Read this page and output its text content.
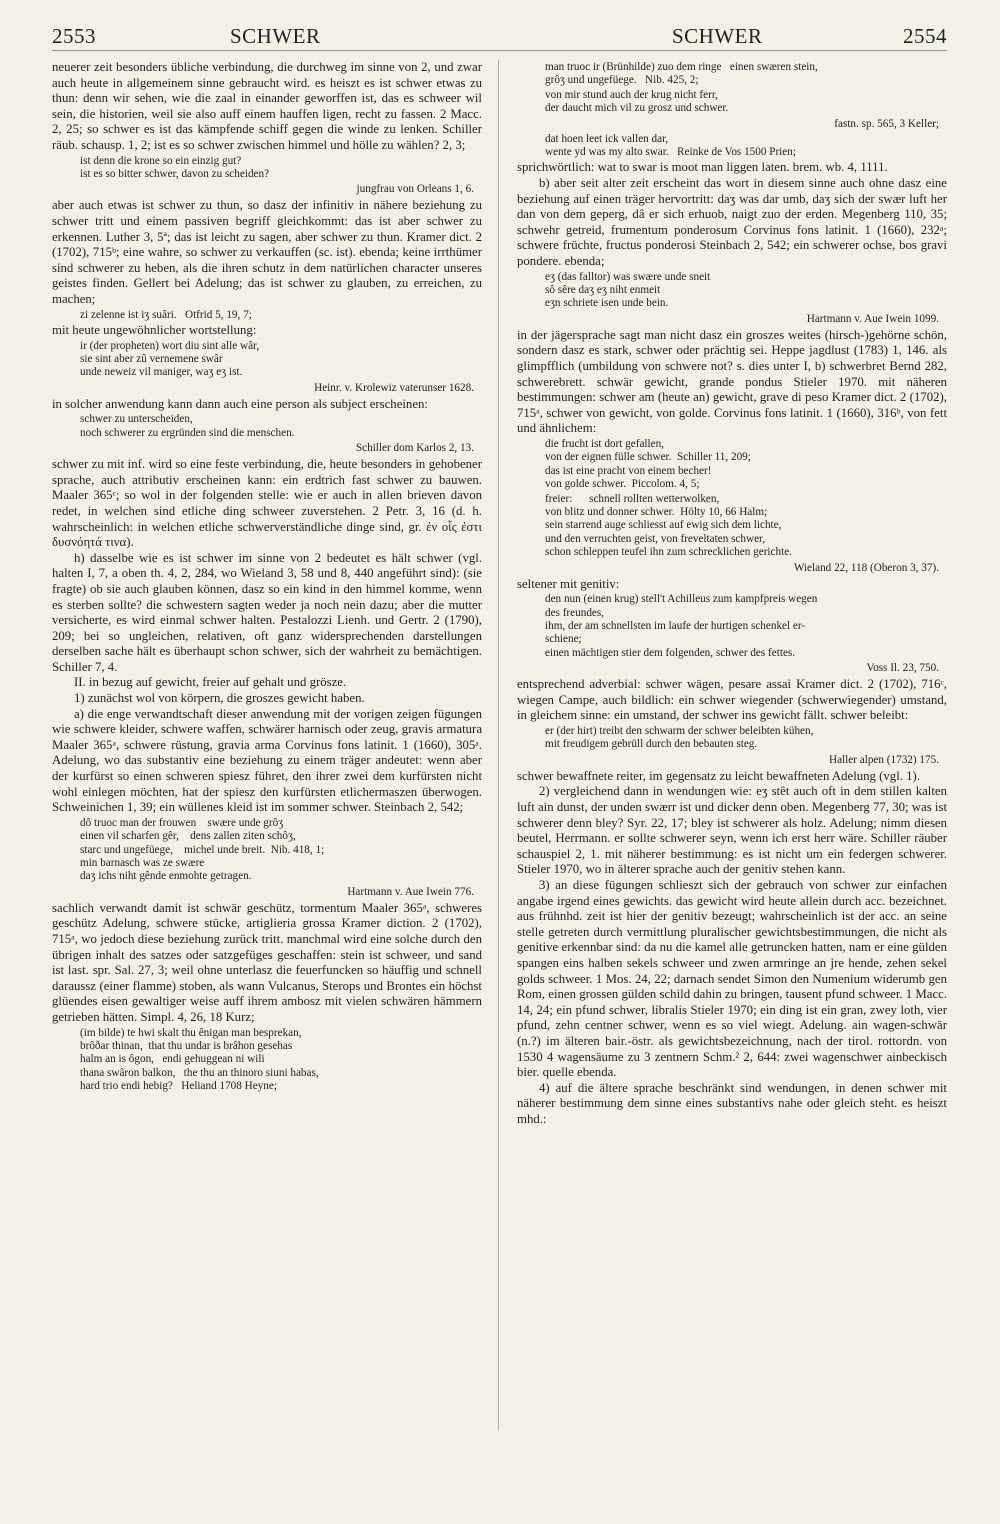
2553	SCHWER	SCHWER	2554

neuerer zeit besonders übliche verbindung, die durchweg im sinne von 2, und zwar auch heute in allgemeinem sinne gebraucht wird. es heiszt es ist schwer etwas zu thun: denn wir sehen, wie die zaal in einander geworffen ist, das es schweer wil sein, die historien, weil sie also auff einem hauffen ligen, recht zu fassen. 2 Macc. 2, 25; so schwer es ist das kämpfende schiff gegen die winde zu lenken. Schiller räub. schausp. 1, 2; ist es so schwer zwischen himmel und hölle zu wählen? 2, 3;

ist denn die krone so ein einzig gut?
ist es so bitter schwer, davon zu scheiden?

jungfrau von Orleans 1, 6.

aber auch etwas ist schwer zu thun, so dasz der infinitiv in nähere beziehung zu schwer tritt und einem passiven begriff gleichkommt: das ist aber schwer zu erkennen. Luther 3, 5ª; das ist leicht zu sagen, aber schwer zu thun. Kramer dict. 2 (1702), 715ᵇ; eine wahre, so schwer zu verkauffen (sc. ist). ebenda; keine irrthümer sind schwerer zu heben, als die ihren schutz in dem natürlichen character unseres geistes finden. Gellert bei Adelung; das ist schwer zu glauben, zu erreichen, zu machen;

zi zelenne ist iʒ suâri.   Otfrid 5, 19, 7;

mit heute ungewöhnlicher wortstellung:

ir (der propheten) wort diu sint alle wâr,
sie sint aber zû vernemene swâr
unde neweiz vil maniger, waʒ eʒ ist.

Heinr. v. Krolewiz vaterunser 1628.

in solcher anwendung kann dann auch eine person als subject erscheinen:

schwer zu unterscheiden,
noch schwerer zu ergründen sind die menschen.

Schiller dom Karlos 2, 13.

schwer zu mit inf. wird so eine feste verbindung, die, heute besonders in gehobener sprache, auch attributiv erscheinen kann: ein erdtrich fast schwer zu bauwen. Maaler 365ᶜ; so wol in der folgenden stelle: wie er auch in allen brieven davon redet, in welchen sind etliche ding schweer zuverstehen. 2 Petr. 3, 16 (d. h. wahrscheinlich: in welchen etliche schwerverständliche dinge sind, gr. ἐν οἷς ἐστι δυσνόητά τινα).

h) dasselbe wie es ist schwer im sinne von 2 bedeutet es hält schwer (vgl. halten I, 7, a oben th. 4, 2, 284, wo Wieland 3, 58 und 8, 440 angeführt sind): (sie fragte) ob sie auch glauben können, dasz so ein kind in den himmel komme, wenn es sterben sollte? die schwestern sagten weder ja noch nein dazu; aber die mutter versicherte, es wird einmal schwer halten. Pestalozzi Lienh. und Gertr. 2 (1790), 209; bei so ungleichen, relativen, oft ganz widersprechenden darstellungen derselben sache hält es überhaupt schon schwer, sich der wahrheit zu bemächtigen. Schiller 7, 4.

II. in bezug auf gewicht, freier auf gehalt und grösze.

1) zunächst wol von körpern, die groszes gewicht haben.

a) die enge verwandtschaft dieser anwendung mit der vorigen zeigen fügungen wie schwere kleider, schwere waffen, schwärer harnisch oder zeug, gravis armatura Maaler 365ᵃ, schwere rüstung, gravia arma Corvinus fons latinit. 1 (1660), 305ᵃ. Adelung, wo das substantiv eine beziehung zu einem träger andeutet: wenn aber der kurfürst so einen schweren spiesz führet, den ihrer zwei dem kurfürsten nicht wohl einlegen möchten, hat der spiesz den kurfürsten etlichermaszen überwogen. Schweinichen 1, 39; ein wüllenes kleid ist im sommer schwer. Steinbach 2, 542;

dô truoc man der frouwen    swære unde grôʒ
einen vil scharfen gêr,    dens zallen ziten schôʒ,
starc und ungefüege,    michel unde breit.  Nib. 418, 1;
min barnasch was ze swære
daʒ ichs niht gênde enmohte getragen.

Hartmann v. Aue Iwein 776.

sachlich verwandt damit ist schwär geschütz, tormentum Maaler 365ᵃ, schweres geschütz Adelung, schwere stücke, artiglieria grossa Kramer diction. 2 (1702), 715ᵃ, wo jedoch diese beziehung zurück tritt. manchmal wird eine solche durch den übrigen inhalt des satzes oder satzgefüges geschaffen: stein ist schweer, und sand ist last. spr. Sal. 27, 3; weil ohne unterlasz die feuerfuncken so häuffig und schnell daraussz (einer flamme) stoben, als wann Vulcanus, Sterops und Brontes ein höchst glüendes eisen gewaltiger weise auff ihrem ambosz mit vielen schwären hämmern getrieben hätten. Simpl. 4, 26, 18 Kurz;

(im bilde) te hwi skalt thu ênigan man besprekan,
brôðar thinan,  that thu undar is brâhon gesehas
halm an is ôgon,   endi gehuggean ni wili
thana swâron balkon,   the thu an thinoro siuni habas,
hard trio endi hebig?   Heliand 1708 Heyne;

man truoc ir (Brünhilde) zuo dem ringe   einen swæren stein,
grôʒ und ungefüege.   Nib. 425, 2;

von mir stund auch der krug nicht ferr,
der daucht mich vil zu grosz und schwer.

fastn. sp. 565, 3 Keller;

dat hoen leet ick vallen dar,
wente yd was my alto swar.   Reinke de Vos 1500 Prien;

sprichwörtlich: wat to swar is moot man liggen laten. brem. wb. 4, 1111.

b) aber seit alter zeit erscheint das wort in diesem sinne auch ohne dasz eine beziehung auf einen träger hervortritt: daʒ was dar umb, daʒ sich der swær luft her dan von dem geperg, dâ er sich erhuob, naigt zuo der erden. Megenberg 110, 35; schwehr getreid, frumentum ponderosum Corvinus fons latinit. 1 (1660), 232ᵃ; schwere früchte, fructus ponderosi Steinbach 2, 542; ein schwerer ochse, bos gravi pondere. ebenda;

eʒ (das falltor) was swære unde sneit
sô sêre daʒ eʒ niht enmeit
eʒn schriete isen unde bein.

Hartmann v. Aue Iwein 1099.

in der jägersprache sagt man nicht dasz ein groszes weites (hirsch-)gehörne schön, sondern dasz es stark, schwer oder prächtig sei. Heppe jagdlust (1783) 1, 146. als glimpfflich (umbildung von schwere not? s. dies unter I, b) schwerbret Bernd 282, schwerebrett. schwär gewicht, grande pondus Stieler 1970. mit näheren bestimmungen: schwer am (heute an) gewicht, grave di peso Kramer dict. 2 (1702), 715ᵃ, schwer von gewicht, von golde. Corvinus fons latinit. 1 (1660), 316ᵇ, von fett und ähnlichem:

die frucht ist dort gefallen,
von der eignen fülle schwer.  Schiller 11, 209;
das ist eine pracht von einem becher!
von golde schwer.  Piccolom. 4, 5;

freier:      schnell rollten wetterwolken,
von blitz und donner schwer.  Hölty 10, 66 Halm;
sein starrend auge schliesst auf ewig sich dem lichte,
und den verruchten geist, von freveltaten schwer,
schon schleppen teufel ihn zum schrecklichen gerichte.

Wieland 22, 118 (Oberon 3, 37).

seltener mit genitiv:

den nun (einen krug) stell't Achilleus zum kampfpreis wegen
des freundes,
ihm, der am schnellsten im laufe der hurtigen schenkel er-
schiene;
einen mächtigen stier dem folgenden, schwer des fettes.

Voss Il. 23, 750.

entsprechend adverbial: schwer wägen, pesare assai Kramer dict. 2 (1702), 716ᶜ, wiegen Campe, auch bildlich: ein schwer wiegender (schwerwiegender) umstand, in gleichem sinne: ein umstand, der schwer ins gewicht fällt. schwer beleibt:

er (der hirt) treibt den schwarm der schwer beleibten kühen,
mit freudigem gebrüll durch den bebauten steg.

Haller alpen (1732) 175.

schwer bewaffnete reiter, im gegensatz zu leicht bewaffneten Adelung (vgl. 1).

2) vergleichend dann in wendungen wie: eʒ stêt auch oft in dem stillen kalten luft ain dunst, der unden swærr ist und dicker denn oben. Megenberg 77, 30; was ist schwerer denn bley? Syr. 22, 17; bley ist schwerer als holz. Adelung; nimm diesen beutel, Herrmann. er sollte schwerer seyn, wenn ich erst herr wäre. Schiller räuber schauspiel 2, 1. mit näherer bestimmung: es ist nicht um ein federgen schwerer. Stieler 1970, wo in älterer sprache auch der genitiv stehen kann.

3) an diese fügungen schlieszt sich der gebrauch von schwer zur einfachen angabe irgend eines gewichts. das gewicht wird heute allein durch acc. bezeichnet. aus frühnhd. zeit ist hier der genitiv bezeugt; wahrscheinlich ist der acc. an seine stelle getreten durch vermittlung pluralischer gewichtsbestimmungen, die nicht als genitive erkennbar sind: da nu die kamel alle getruncken hatten, nam er eine gülden spangen eins halben sekels schweer und zwen armringe an jre hende, zehen sekel golds schweer. 1 Mos. 24, 22; darnach sendet Simon den Numenium widerumb gen Rom, einen grossen gülden schild dahin zu bringen, tausent pfund schweer. 1 Macc. 14, 24; ein pfund schwer, libralis Stieler 1970; ein ding ist ein gran, zwey loth, vier pfund, zehn centner schwer, wenn es so viel wiegt. Adelung. ain wagen-schwär (n.?) im älteren bair.-östr. als gewichtsbezeichnung, nach der tirol. rottordn. von 1530 4 wagensäume zu 3 zentnern Schm.² 2, 644: zwei wagenschwer ainbeckisch bier. quelle ebenda.

4) auf die ältere sprache beschränkt sind wendungen, in denen schwer mit näherer bestimmung dem sinne eines substantivs nahe oder gleich steht. es heiszt mhd.:
